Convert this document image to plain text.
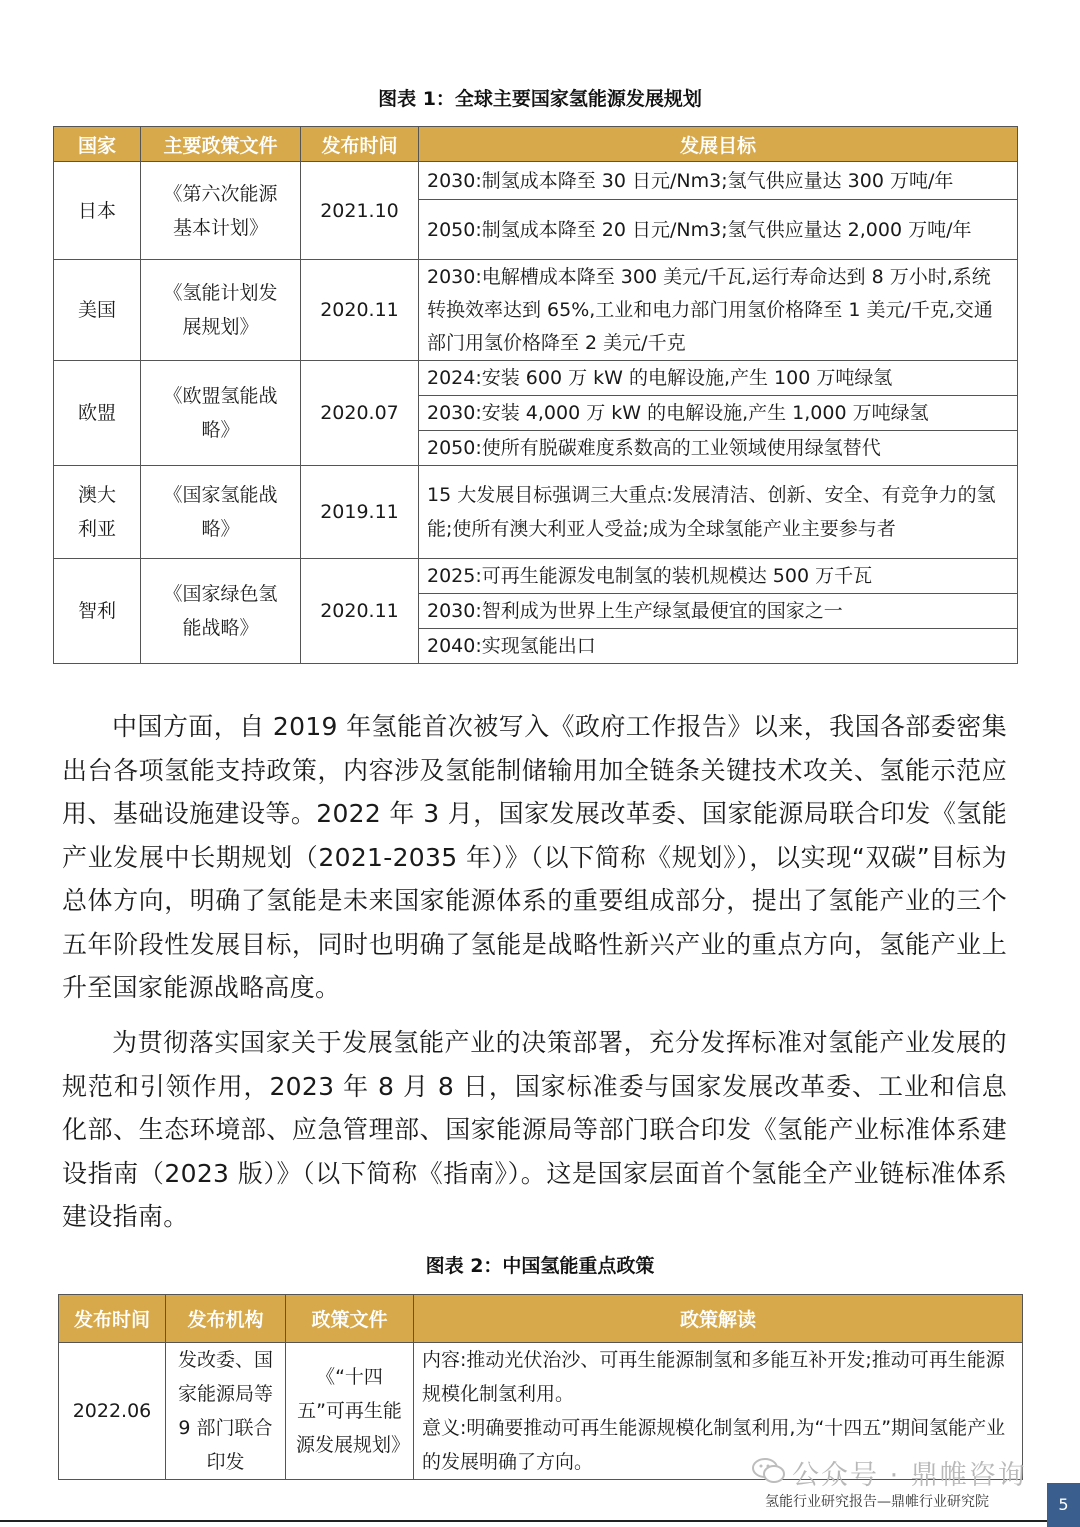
图表 1：全球主要国家氢能源发展规划
国家	主要政策文件	发布时间	发展目标
日本	《第六次能源基本计划》	2021.10	2030:制氢成本降至 30 日元/Nm3;氢气供应量达 300 万吨/年
			2050:制氢成本降至 20 日元/Nm3;氢气供应量达 2,000 万吨/年
美国	《氢能计划发展规划》	2020.11	2030:电解槽成本降至 300 美元/千瓦,运行寿命达到 8 万小时,系统转换效率达到 65%,工业和电力部门用氢价格降至 1 美元/千克,交通部门用氢价格降至 2 美元/千克
欧盟	《欧盟氢能战略》	2020.07	2024:安装 600 万 kW 的电解设施,产生 100 万吨绿氢
			2030:安装 4,000 万 kW 的电解设施,产生 1,000 万吨绿氢
			2050:使所有脱碳难度系数高的工业领域使用绿氢替代
澳大利亚	《国家氢能战略》	2019.11	15 大发展目标强调三大重点:发展清洁、创新、安全、有竞争力的氢能;使所有澳大利亚人受益;成为全球氢能产业主要参与者
智利	《国家绿色氢能战略》	2020.11	2025:可再生能源发电制氢的装机规模达 500 万千瓦
			2030:智利成为世界上生产绿氢最便宜的国家之一
			2040:实现氢能出口

中国方面，自 2019 年氢能首次被写入《政府工作报告》以来，我国各部委密集出台各项氢能支持政策，内容涉及氢能制储输用加全链条关键技术攻关、氢能示范应用、基础设施建设等。2022 年 3 月，国家发展改革委、国家能源局联合印发《氢能产业发展中长期规划（2021-2035 年）》（以下简称《规划》），以实现“双碳”目标为总体方向，明确了氢能是未来国家能源体系的重要组成部分，提出了氢能产业的三个五年阶段性发展目标，同时也明确了氢能是战略性新兴产业的重点方向，氢能产业上升至国家能源战略高度。

为贯彻落实国家关于发展氢能产业的决策部署，充分发挥标准对氢能产业发展的规范和引领作用，2023 年 8 月 8 日，国家标准委与国家发展改革委、工业和信息化部、生态环境部、应急管理部、国家能源局等部门联合印发《氢能产业标准体系建设指南（2023 版）》（以下简称《指南》）。这是国家层面首个氢能全产业链标准体系建设指南。

图表 2：中国氢能重点政策
发布时间	发布机构	政策文件	政策解读
2022.06	发改委、国家能源局等9 部门联合印发	《“十四五”可再生能源发展规划》	内容:推动光伏治沙、可再生能源制氢和多能互补开发;推动可再生能源规模化制氢利用。
意义:明确要推动可再生能源规模化制氢利用,为“十四五”期间氢能产业的发展明确了方向。	公众号 · 鼎帷咨询
氢能行业研究报告—鼎帷行业研究院	5
